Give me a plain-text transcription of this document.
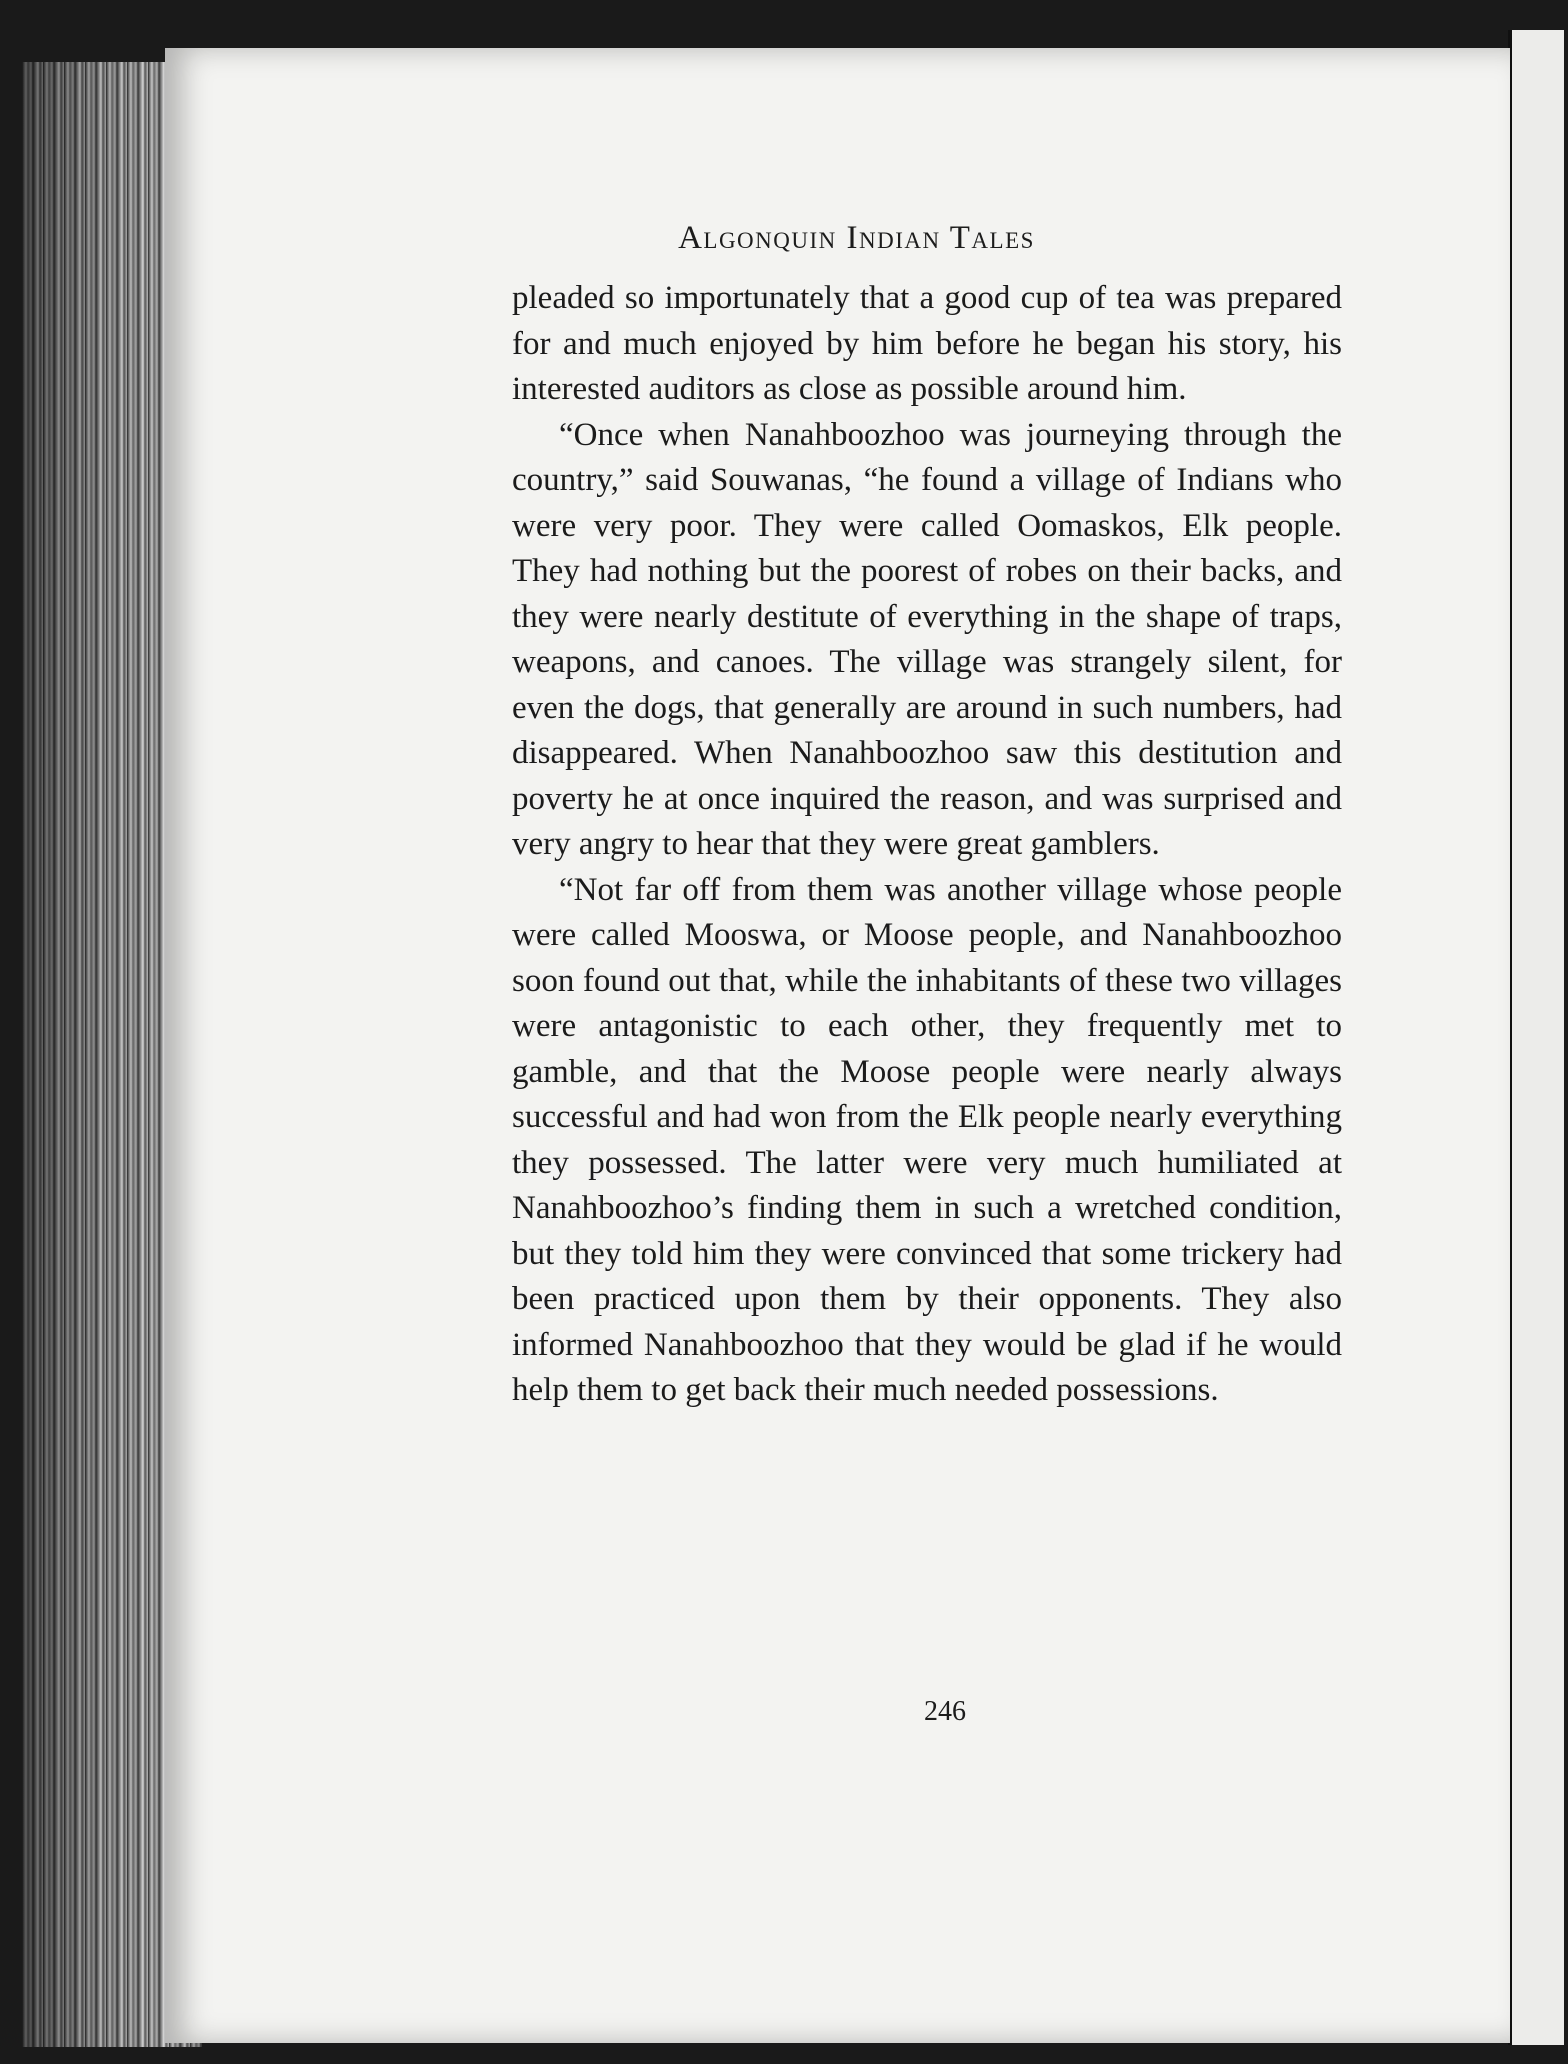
Algonquin Indian Tales

pleaded so importunately that a good cup of tea was prepared for and much enjoyed by him before he began his story, his interested auditors as close as possible around him.

“Once when Nanahboozhoo was journeying through the country,” said Souwanas, “he found a village of Indians who were very poor. They were called Oomaskos, Elk people. They had nothing but the poorest of robes on their backs, and they were nearly destitute of everything in the shape of traps, weapons, and canoes. The village was strangely silent, for even the dogs, that generally are around in such numbers, had disappeared. When Nanahboozhoo saw this destitution and poverty he at once inquired the reason, and was surprised and very angry to hear that they were great gamblers.

“Not far off from them was another village whose people were called Mooswa, or Moose people, and Nanahboozhoo soon found out that, while the inhabitants of these two villages were antagonistic to each other, they frequently met to gamble, and that the Moose people were nearly always successful and had won from the Elk people nearly everything they possessed. The latter were very much humiliated at Nanahboozhoo’s finding them in such a wretched condition, but they told him they were convinced that some trickery had been practiced upon them by their opponents. They also informed Nanahboozhoo that they would be glad if he would help them to get back their much needed possessions.

246
